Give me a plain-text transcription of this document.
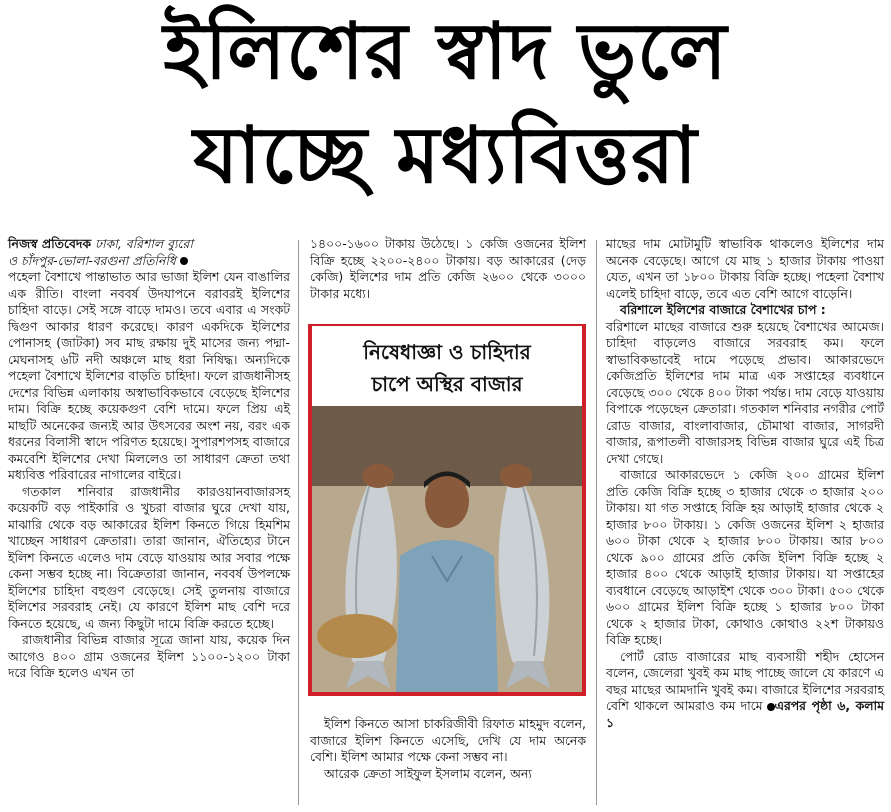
ইলিশের স্বাদ ভুলে
যাচ্ছে মধ্যবিত্তরা

নিজস্ব প্রতিবেদক ঢাকা, বরিশাল ব্যুরো
ও চাঁদপুর-ভোলা-বরগুনা প্রতিনিধি

পহেলা বৈশাখে পান্তাভাত আর ভাজা ইলিশ যেন বাঙালির এক রীতি। বাংলা নববর্ষ উদযাপনে বরাবরই ইলিশের চাহিদা বাড়ে। সেই সঙ্গে বাড়ে দামও। তবে এবার এ সংকট দ্বিগুণ আকার ধারণ করেছে। কারণ একদিকে ইলিশের পোনাসহ (জাটকা) সব মাছ রক্ষায় দুই মাসের জন্য পদ্মা-মেঘনাসহ ৬টি নদী অঞ্চলে মাছ ধরা নিষিদ্ধ। অন্যদিকে পহেলা বৈশাখে ইলিশের বাড়তি চাহিদা। ফলে রাজধানীসহ দেশের বিভিন্ন এলাকায় অস্বাভাবিকভাবে বেড়েছে ইলিশের দাম। বিক্রি হচ্ছে কয়েকগুণ বেশি দামে। ফলে প্রিয় এই মাছটি অনেকের জন্যই আর উৎসবের অংশ নয়, বরং এক ধরনের বিলাসী স্বাদে পরিণত হয়েছে। সুপারশপসহ বাজারে কমবেশি ইলিশের দেখা মিললেও তা সাধারণ ক্রেতা তথা মধ্যবিত্ত পরিবারের নাগালের বাইরে।

গতকাল শনিবার রাজধানীর কারওয়ানবাজারসহ কয়েকটি বড় পাইকারি ও খুচরা বাজার ঘুরে দেখা যায়, মাঝারি থেকে বড় আকারের ইলিশ কিনতে গিয়ে হিমশিম খাচ্ছেন সাধারণ ক্রেতারা। তারা জানান, ঐতিহ্যের টানে ইলিশ কিনতে এলেও দাম বেড়ে যাওয়ায় আর সবার পক্ষে কেনা সম্ভব হচ্ছে না। বিক্রেতারা জানান, নববর্ষ উপলক্ষে ইলিশের চাহিদা বহুগুণ বেড়েছে। সেই তুলনায় বাজারে ইলিশের সরবরাহ নেই। যে কারণে ইলিশ মাছ বেশি দরে কিনতে হয়েছে, এ জন্য কিছুটা দামে বিক্রি করতে হচ্ছে।

রাজধানীর বিভিন্ন বাজার সূত্রে জানা যায়, কয়েক দিন আগেও ৪০০ গ্রাম ওজনের ইলিশ ১১০০-১২০০ টাকা দরে বিক্রি হলেও এখন তা

১৪০০-১৬০০ টাকায় উঠেছে। ১ কেজি ওজনের ইলিশ বিক্রি হচ্ছে ২২০০-২৪০০ টাকায়। বড় আকারের (দেড় কেজি) ইলিশের দাম প্রতি কেজি ২৬০০ থেকে ৩০০০ টাকার মধ্যে।

নিষেধাজ্ঞা ও চাহিদার
চাপে অস্থির বাজার

ইলিশ কিনতে আসা চাকরিজীবী রিফাত মাহমুদ বলেন, বাজারে ইলিশ কিনতে এসেছি, দেখি যে দাম অনেক বেশি। ইলিশ আমার পক্ষে কেনা সম্ভব না।

আরেক ক্রেতা সাইফুল ইসলাম বলেন, অন্য

মাছের দাম মোটামুটি স্বাভাবিক থাকলেও ইলিশের দাম অনেক বেড়েছে। আগে যে মাছ ১ হাজার টাকায় পাওয়া যেত, এখন তা ১৮০০ টাকায় বিক্রি হচ্ছে। পহেলা বৈশাখ এলেই চাহিদা বাড়ে, তবে এত বেশি আগে বাড়েনি।

বরিশালে ইলিশের বাজারে বৈশাখের চাপ :

বরিশালে মাছের বাজারে শুরু হয়েছে বৈশাখের আমেজ। চাহিদা বাড়লেও বাজারে সরবরাহ কম। ফলে স্বাভাবিকভাবেই দামে পড়েছে প্রভাব। আকারভেদে কেজিপ্রতি ইলিশের দাম মাত্র এক সপ্তাহের ব্যবধানে বেড়েছে ৩০০ থেকে ৪০০ টাকা পর্যন্ত। দাম বেড়ে যাওয়ায় বিপাকে পড়েছেন ক্রেতারা। গতকাল শনিবার নগরীর পোর্ট রোড বাজার, বাংলাবাজার, চৌমাথা বাজার, সাগরদী বাজার, রূপাতলী বাজারসহ বিভিন্ন বাজার ঘুরে এই চিত্র দেখা গেছে।

বাজারে আকারভেদে ১ কেজি ২০০ গ্রামের ইলিশ প্রতি কেজি বিক্রি হচ্ছে ৩ হাজার থেকে ৩ হাজার ২০০ টাকায়। যা গত সপ্তাহে বিক্রি হয় আড়াই হাজার থেকে ২ হাজার ৮০০ টাকায়। ১ কেজি ওজনের ইলিশ ২ হাজার ৬০০ টাকা থেকে ২ হাজার ৮০০ টাকায়। আর ৮০০ থেকে ৯০০ গ্রামের প্রতি কেজি ইলিশ বিক্রি হচ্ছে ২ হাজার ৪০০ থেকে আড়াই হাজার টাকায়। যা সপ্তাহের ব্যবধানে বেড়েছে আড়াইশ থেকে ৩০০ টাকা। ৫০০ থেকে ৬০০ গ্রামের ইলিশ বিক্রি হচ্ছে ১ হাজার ৮০০ টাকা থেকে ২ হাজার টাকা, কোথাও কোথাও ২২শ টাকায়ও বিক্রি হচ্ছে।

পোর্ট রোড বাজারের মাছ ব্যবসায়ী শহীদ হোসেন বলেন, জেলেরা খুবই কম মাছ পাচ্ছে জালে যে কারণে এ বছর মাছের আমদানি খুবই কম। বাজারে ইলিশের সরবরাহ বেশি থাকলে আমরাও কম দামে এরপর পৃষ্ঠা ৬, কলাম ১
